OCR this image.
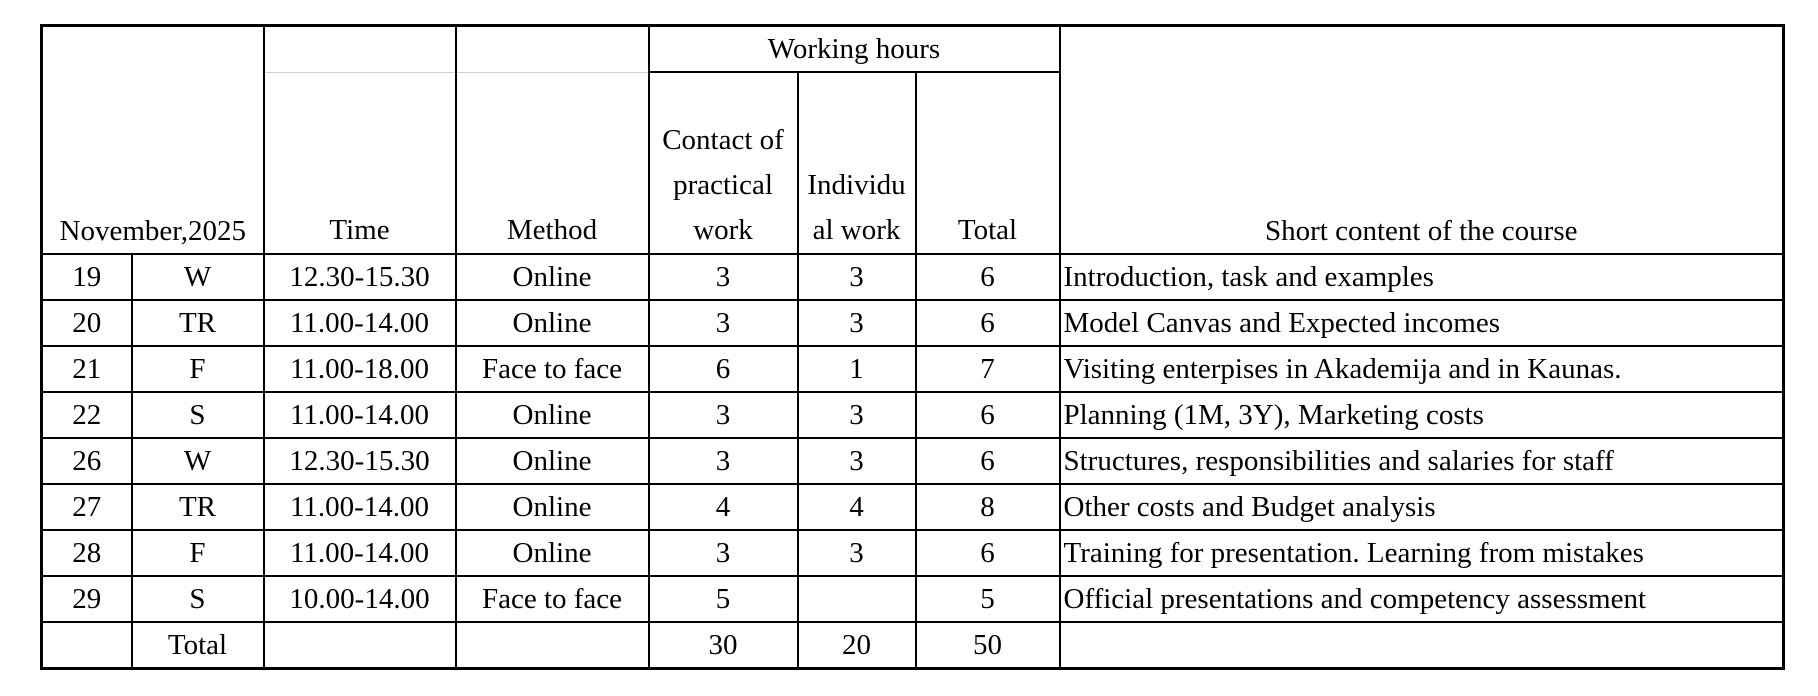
November,2025				Working hours			Short content of the course
		Time	Method	Contact of practical work	Individu al work	Total	
19	W	12.30-15.30	Online	3	3	6	Introduction, task and examples
20	TR	11.00-14.00	Online	3	3	6	Model Canvas and Expected incomes
21	F	11.00-18.00	Face to face	6	1	7	Visiting enterpises in Akademija and in Kaunas.
22	S	11.00-14.00	Online	3	3	6	Planning (1M, 3Y), Marketing costs
26	W	12.30-15.30	Online	3	3	6	Structures, responsibilities and salaries for staff
27	TR	11.00-14.00	Online	4	4	8	Other costs and Budget analysis
28	F	11.00-14.00	Online	3	3	6	Training for presentation. Learning from mistakes
29	S	10.00-14.00	Face to face	5		5	Official presentations and competency assessment
	Total			30	20	50	
